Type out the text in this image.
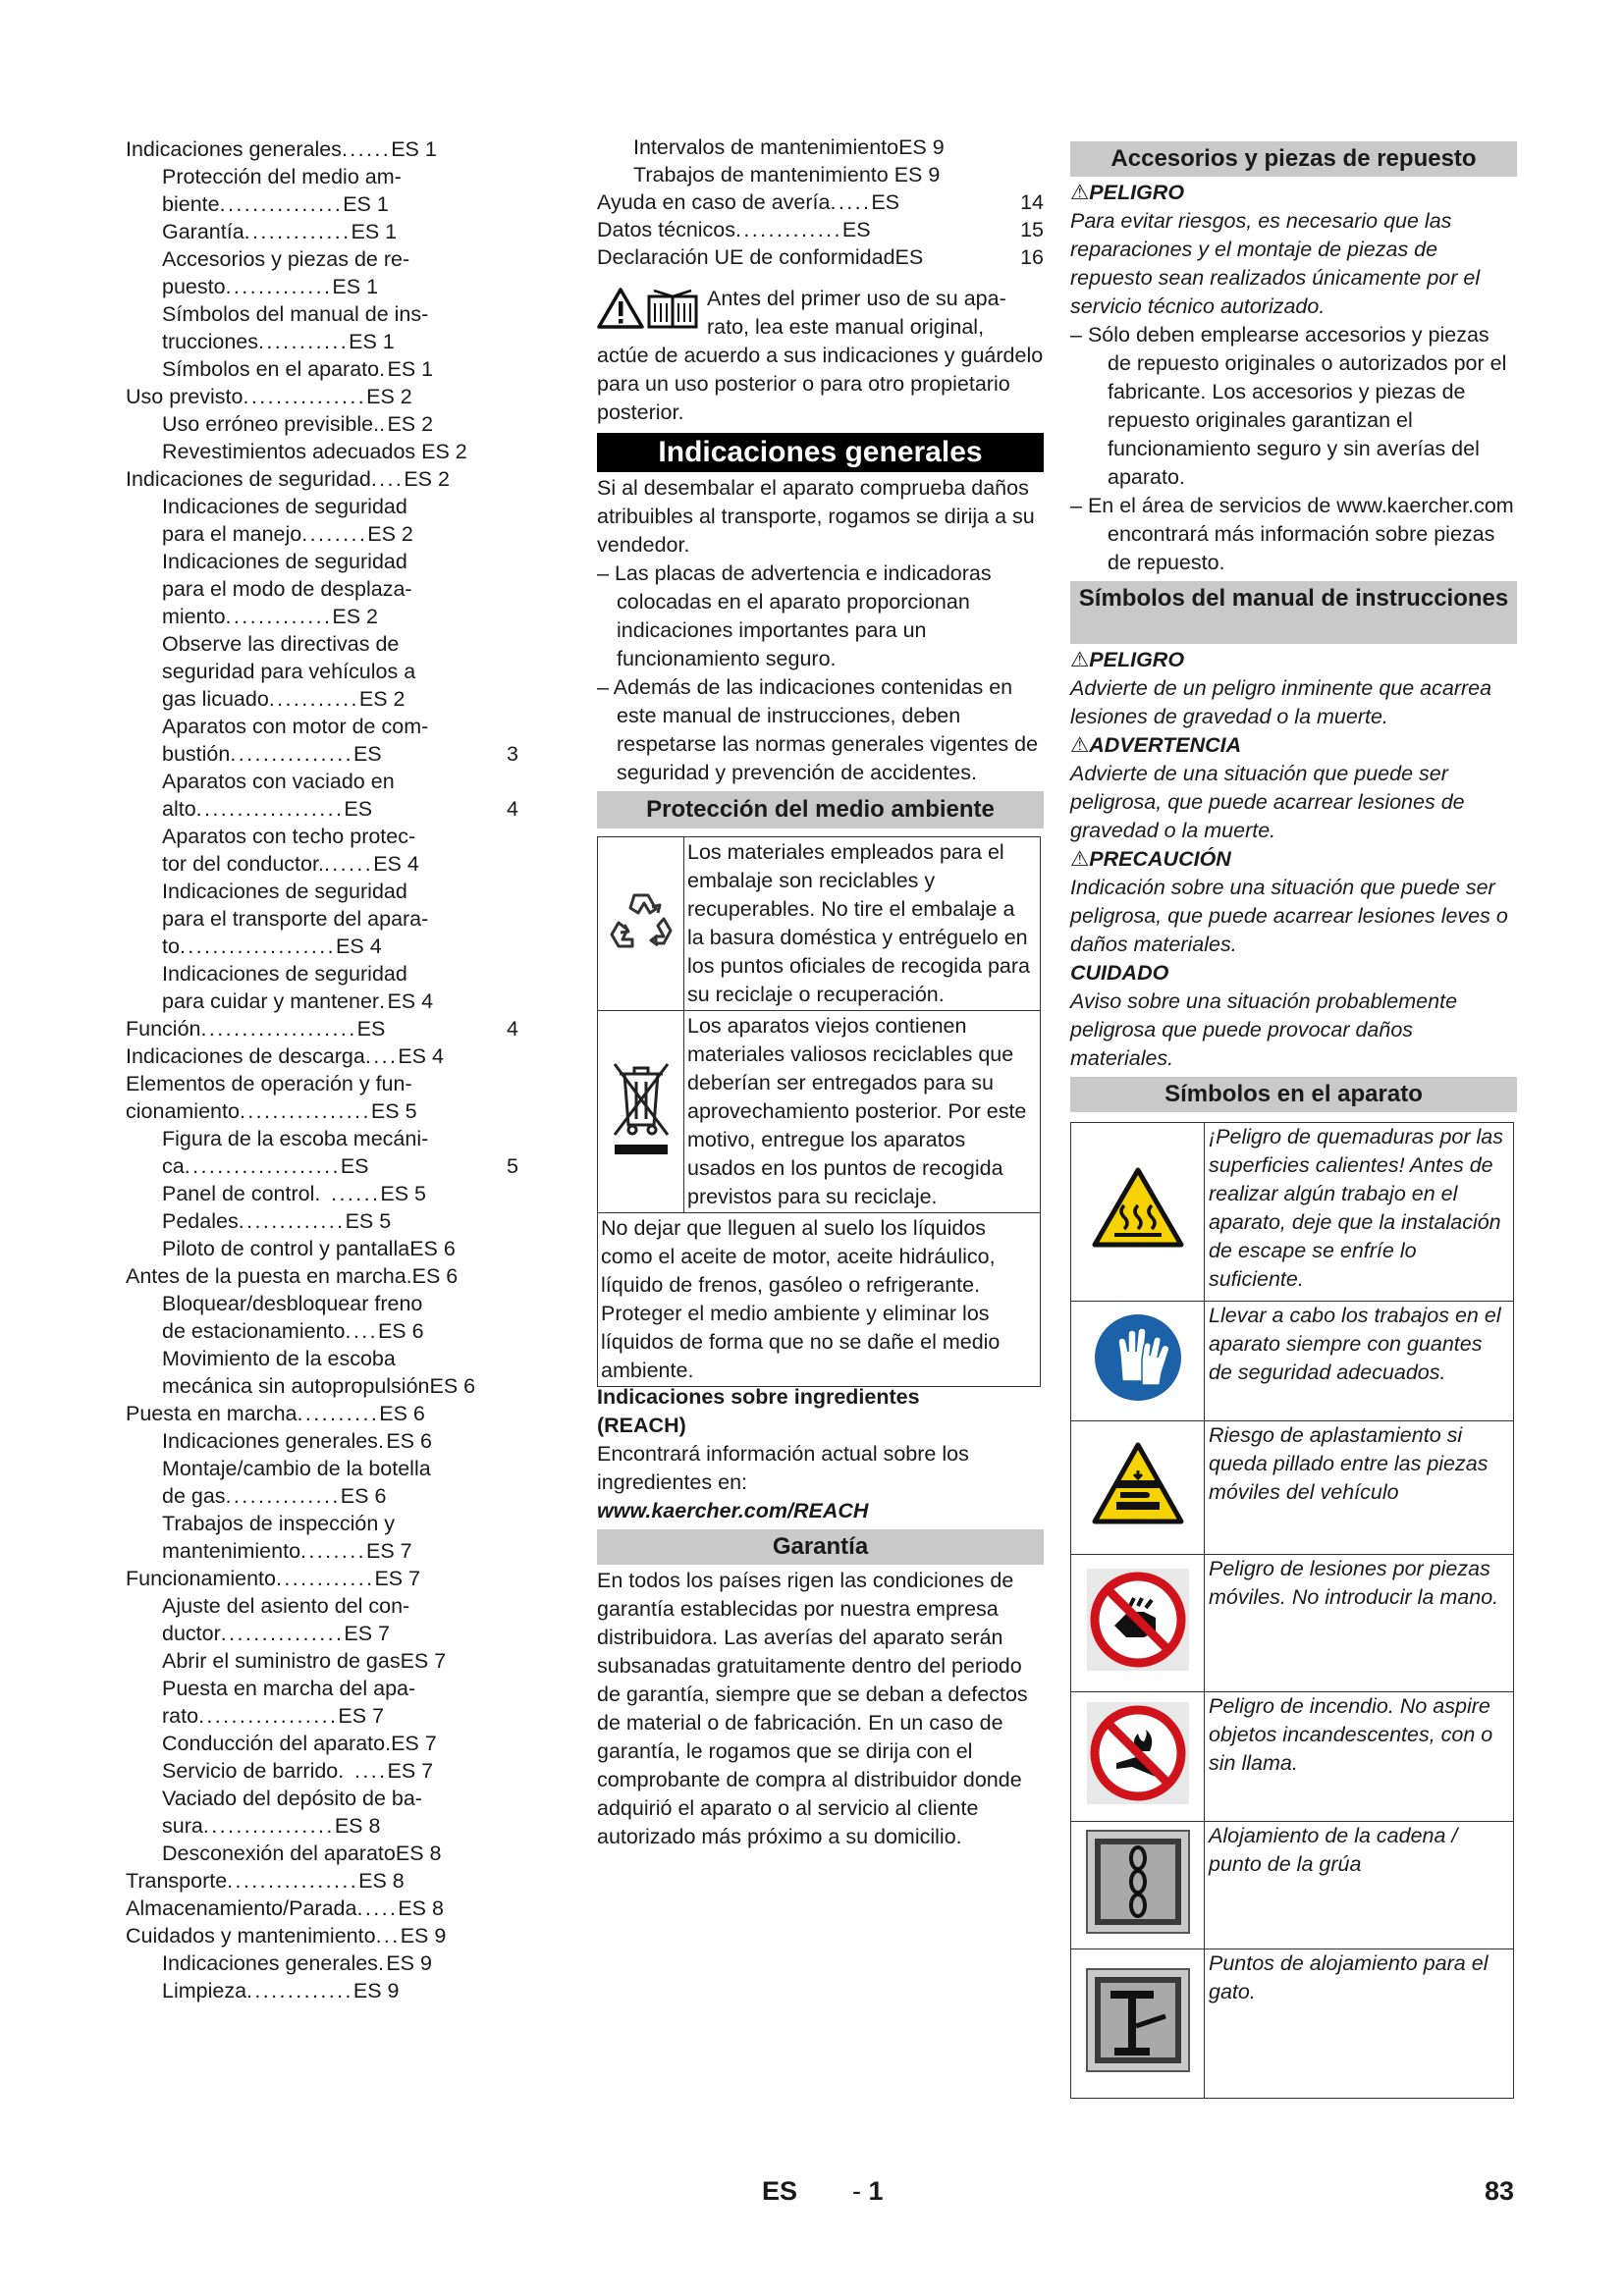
Indicaciones generales ...... ES 1
Protección del medio am-
biente ............... ES 1
Garantía ............. ES 1
Accesorios y piezas de re-
puesto ............. ES 1
Símbolos del manual de ins-
trucciones ........... ES 1
Símbolos en el aparato . ES 1
Uso previsto ............... ES 2
Uso erróneo previsible. . ES 2
Revestimientos adecuados ES 2
Indicaciones de seguridad .... ES 2
Indicaciones de seguridad
para el manejo ........ ES 2
Indicaciones de seguridad
para el modo de desplaza-
miento ............. ES 2
Observe las directivas de
seguridad para vehículos a
gas licuado ........... ES 2
Aparatos con motor de com-
bustión ............... ES	3
Aparatos con vaciado en
alto .................. ES	4
Aparatos con techo protec-
tor del conductor. ...... ES 4
Indicaciones de seguridad
para el transporte del apara-
to ................... ES 4
Indicaciones de seguridad
para cuidar y mantener . ES 4
Función ................... ES	4
Indicaciones de descarga .... ES 4
Elementos de operación y fun-
cionamiento ................ ES 5
Figura de la escoba mecáni-
ca ................... ES	5
Panel de control . ...... ES 5
Pedales ............. ES 5
Piloto de control y pantalla ES 6
Antes de la puesta en marcha. ES 6
Bloquear/desbloquear freno
de estacionamiento .... ES 6
Movimiento de la escoba
mecánica sin autopropulsiónES 6
Puesta en marcha .......... ES 6
Indicaciones generales . ES 6
Montaje/cambio de la botella
de gas .............. ES 6
Trabajos de inspección y
mantenimiento ........ ES 7
Funcionamiento ............ ES 7
Ajuste del asiento del con-
ductor ............... ES 7
Abrir el suministro de gas ES 7
Puesta en marcha del apa-
rato ................. ES 7
Conducción del aparato. ES 7
Servicio de barrido . .... ES 7
Vaciado del depósito de ba-
sura ................ ES 8
Desconexión del aparato ES 8
Transporte ................ ES 8
Almacenamiento/Parada ..... ES 8
Cuidados y mantenimiento ... ES 9
Indicaciones generales . ES 9
Limpieza ............. ES 9
Intervalos de mantenimientoES 9
Trabajos de mantenimiento ES 9
Ayuda en caso de avería ..... ES	14
Datos técnicos ............. ES	15
Declaración UE de conformidadES	16

Antes del primer uso de su apa-

rato, lea este manual original,

actúe de acuerdo a sus indicaciones y guárdelo para un uso posterior o para otro propietario posterior.

Indicaciones generales

Si al desembalar el aparato comprueba daños atribuibles al transporte, rogamos se dirija a su vendedor.

– Las placas de advertencia e indicadoras colocadas en el aparato proporcionan indicaciones importantes para un funcionamiento seguro.
– Además de las indicaciones contenidas en este manual de instrucciones, deben respetarse las normas generales vigentes de seguridad y prevención de accidentes.
Protección del medio ambiente
	Los materiales empleados para el embalaje son reciclables y recuperables. No tire el embalaje a la basura doméstica y entréguelo en los puntos oficiales de recogida para su reciclaje o recuperación.
	Los aparatos viejos contienen materiales valiosos reciclables que deberían ser entregados para su aprovechamiento posterior. Por este motivo, entregue los aparatos usados en los puntos de recogida previstos para su reciclaje.
No dejar que lleguen al suelo los líquidos como el aceite de motor, aceite hidráulico, líquido de frenos, gasóleo o refrigerante. Proteger el medio ambiente y eliminar los líquidos de forma que no se dañe el medio ambiente.	
Indicaciones sobre ingredientes (REACH)

Encontrará información actual sobre los ingredientes en:

www.kaercher.com/REACH

Garantía

En todos los países rigen las condiciones de garantía establecidas por nuestra empresa distribuidora. Las averías del aparato serán subsanadas gratuitamente dentro del periodo de garantía, siempre que se deban a defectos de material o de fabricación. En un caso de garantía, le rogamos que se dirija con el comprobante de compra al distribuidor donde adquirió el aparato o al servicio al cliente autorizado más próximo a su domicilio.

Accesorios y piezas de repuesto
⚠PELIGRO

Para evitar riesgos, es necesario que las reparaciones y el montaje de piezas de repuesto sean realizados únicamente por el servicio técnico autorizado.

– Sólo deben emplearse accesorios y piezas de repuesto originales o autorizados por el fabricante. Los accesorios y piezas de repuesto originales garantizan el funcionamiento seguro y sin averías del aparato.
– En el área de servicios de www.kaercher.com encontrará más información sobre piezas de repuesto.
Símbolos del manual de instrucciones
⚠PELIGRO

Advierte de un peligro inminente que acarrea lesiones de gravedad o la muerte.

⚠ADVERTENCIA

Advierte de una situación que puede ser peligrosa, que puede acarrear lesiones de gravedad o la muerte.

⚠PRECAUCIÓN

Indicación sobre una situación que puede ser peligrosa, que puede acarrear lesiones leves o daños materiales.

CUIDADO

Aviso sobre una situación probablemente peligrosa que puede provocar daños materiales.

Símbolos en el aparato
	¡Peligro de quemaduras por las superficies calientes! Antes de realizar algún trabajo en el aparato, deje que la instalación de escape se enfríe lo suficiente.
	Llevar a cabo los trabajos en el aparato siempre con guantes de seguridad adecuados.
	Riesgo de aplastamiento si queda pillado entre las piezas móviles del vehículo
	Peligro de lesiones por piezas móviles. No introducir la mano.
	Peligro de incendio. No aspire objetos incandescentes, con o sin llama.
	Alojamiento de la cadena / punto de la grúa
	Puntos de alojamiento para el gato.
ES - 1	83
